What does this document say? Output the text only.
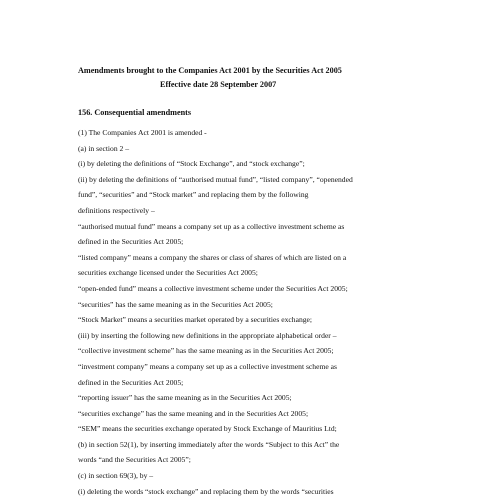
Amendments brought to the Companies Act 2001 by the Securities Act 2005
Effective date 28 September 2007
156. Consequential amendments
(1) The Companies Act 2001 is amended -
(a) in section 2 –
(i) by deleting the definitions of “Stock Exchange”, and “stock exchange”;
(ii) by deleting the definitions of “authorised mutual fund”, “listed company”, “openended
fund”, “securities” and “Stock market” and replacing them by the following
definitions respectively –
“authorised mutual fund” means a company set up as a collective investment scheme as
defined in the Securities Act 2005;
“listed company” means a company the shares or class of shares of which are listed on a
securities exchange licensed under the Securities Act 2005;
“open-ended fund” means a collective investment scheme under the Securities Act 2005;
“securities” has the same meaning as in the Securities Act 2005;
“Stock Market” means a securities market operated by a securities exchange;
(iii) by inserting the following new definitions in the appropriate alphabetical order –
“collective investment scheme” has the same meaning as in the Securities Act 2005;
“investment company” means a company set up as a collective investment scheme as
defined in the Securities Act 2005;
“reporting issuer” has the same meaning as in the Securities Act 2005;
“securities exchange” has the same meaning and in the Securities Act 2005;
“SEM” means the securities exchange operated by Stock Exchange of Mauritius Ltd;
(b) in section 52(1), by inserting immediately after the words “Subject to this Act” the
words “and the Securities Act 2005”;
(c) in section 69(3), by –
(i) deleting the words “stock exchange” and replacing them by the words “securities
